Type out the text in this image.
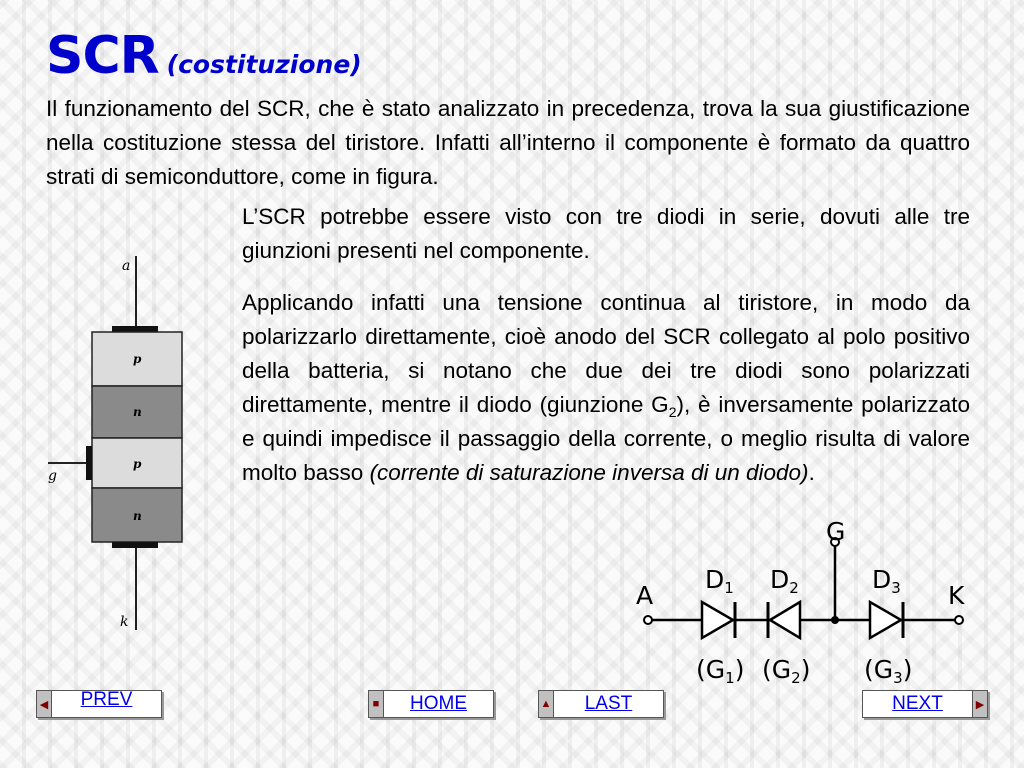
SCR (costituzione)

Il funzionamento del SCR, che è stato analizzato in precedenza, trova la sua giustificazione nella costituzione stessa del tiristore. Infatti all’interno il componente è formato da quattro strati di semiconduttore, come in figura.

L’SCR potrebbe essere visto con tre diodi in serie, dovuti alle tre giunzioni presenti nel componente.

Applicando infatti una tensione continua al tiristore, in modo da polarizzarlo direttamente, cioè anodo del SCR collegato al polo positivo della batteria, si notano che due dei tre diodi sono polarizzati direttamente, mentre il diodo (giunzione $G_2$), è inversamente polarizzato e quindi impedisce il passaggio della corrente, o meglio risulta di valore molto basso (corrente di saturazione inversa di un diodo).

a
p
n
p
n
g
k
A
G
K
$D_1$ $D_2$	$D_3$
$(G_1)$ $(G_2)$ $(G_3)$
◀	PREV	■	HOME	▲	LAST	NEXT	▶
